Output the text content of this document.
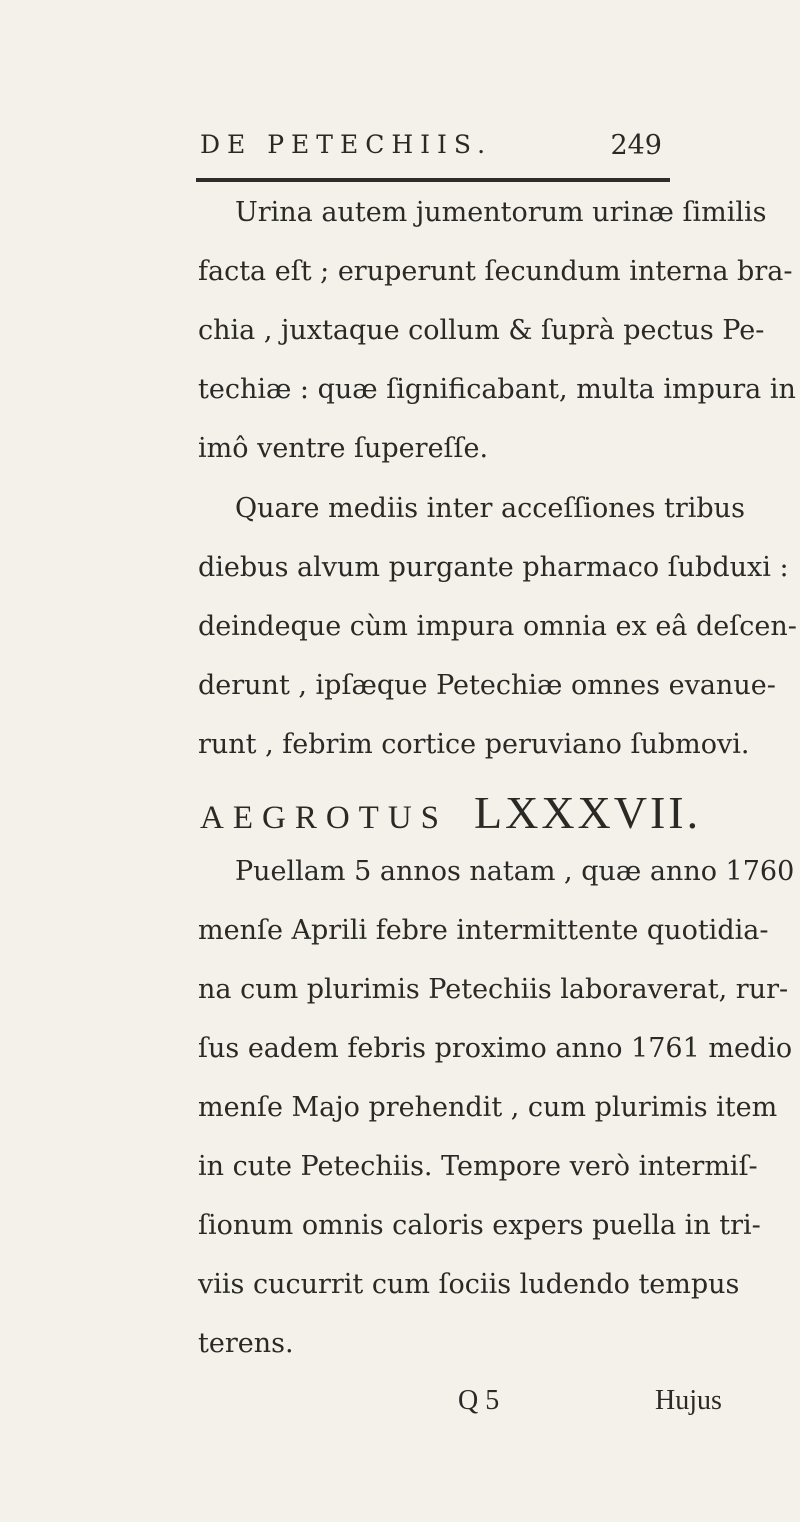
DE PETECHIIS.	249
Urina autem jumentorum urinæ ſimilis
facta eſt ; eruperunt ſecundum interna bra-
chia , juxtaque collum & ſuprà pectus Pe-
techiæ : quæ ſignificabant, multa impura in
imô ventre ſupereſſe.
Quare mediis inter acceſſiones tribus
diebus alvum purgante pharmaco ſubduxi :
deindeque cùm impura omnia ex eâ deſcen-
derunt , ipſæque Petechiæ omnes evanue-
runt , febrim cortice peruviano ſubmovi.
AEGROTUS LXXXVII.
Puellam 5 annos natam , quæ anno 1760
menſe Aprili febre intermittente quotidia-
na cum plurimis Petechiis laboraverat, rur-
ſus eadem febris proximo anno 1761 medio
menſe Majo prehendit , cum plurimis item
in cute Petechiis. Tempore verò intermiſ-
ſionum omnis caloris expers puella in tri-
viis cucurrit cum ſociis ludendo tempus
terens.
Q 5	Hujus
